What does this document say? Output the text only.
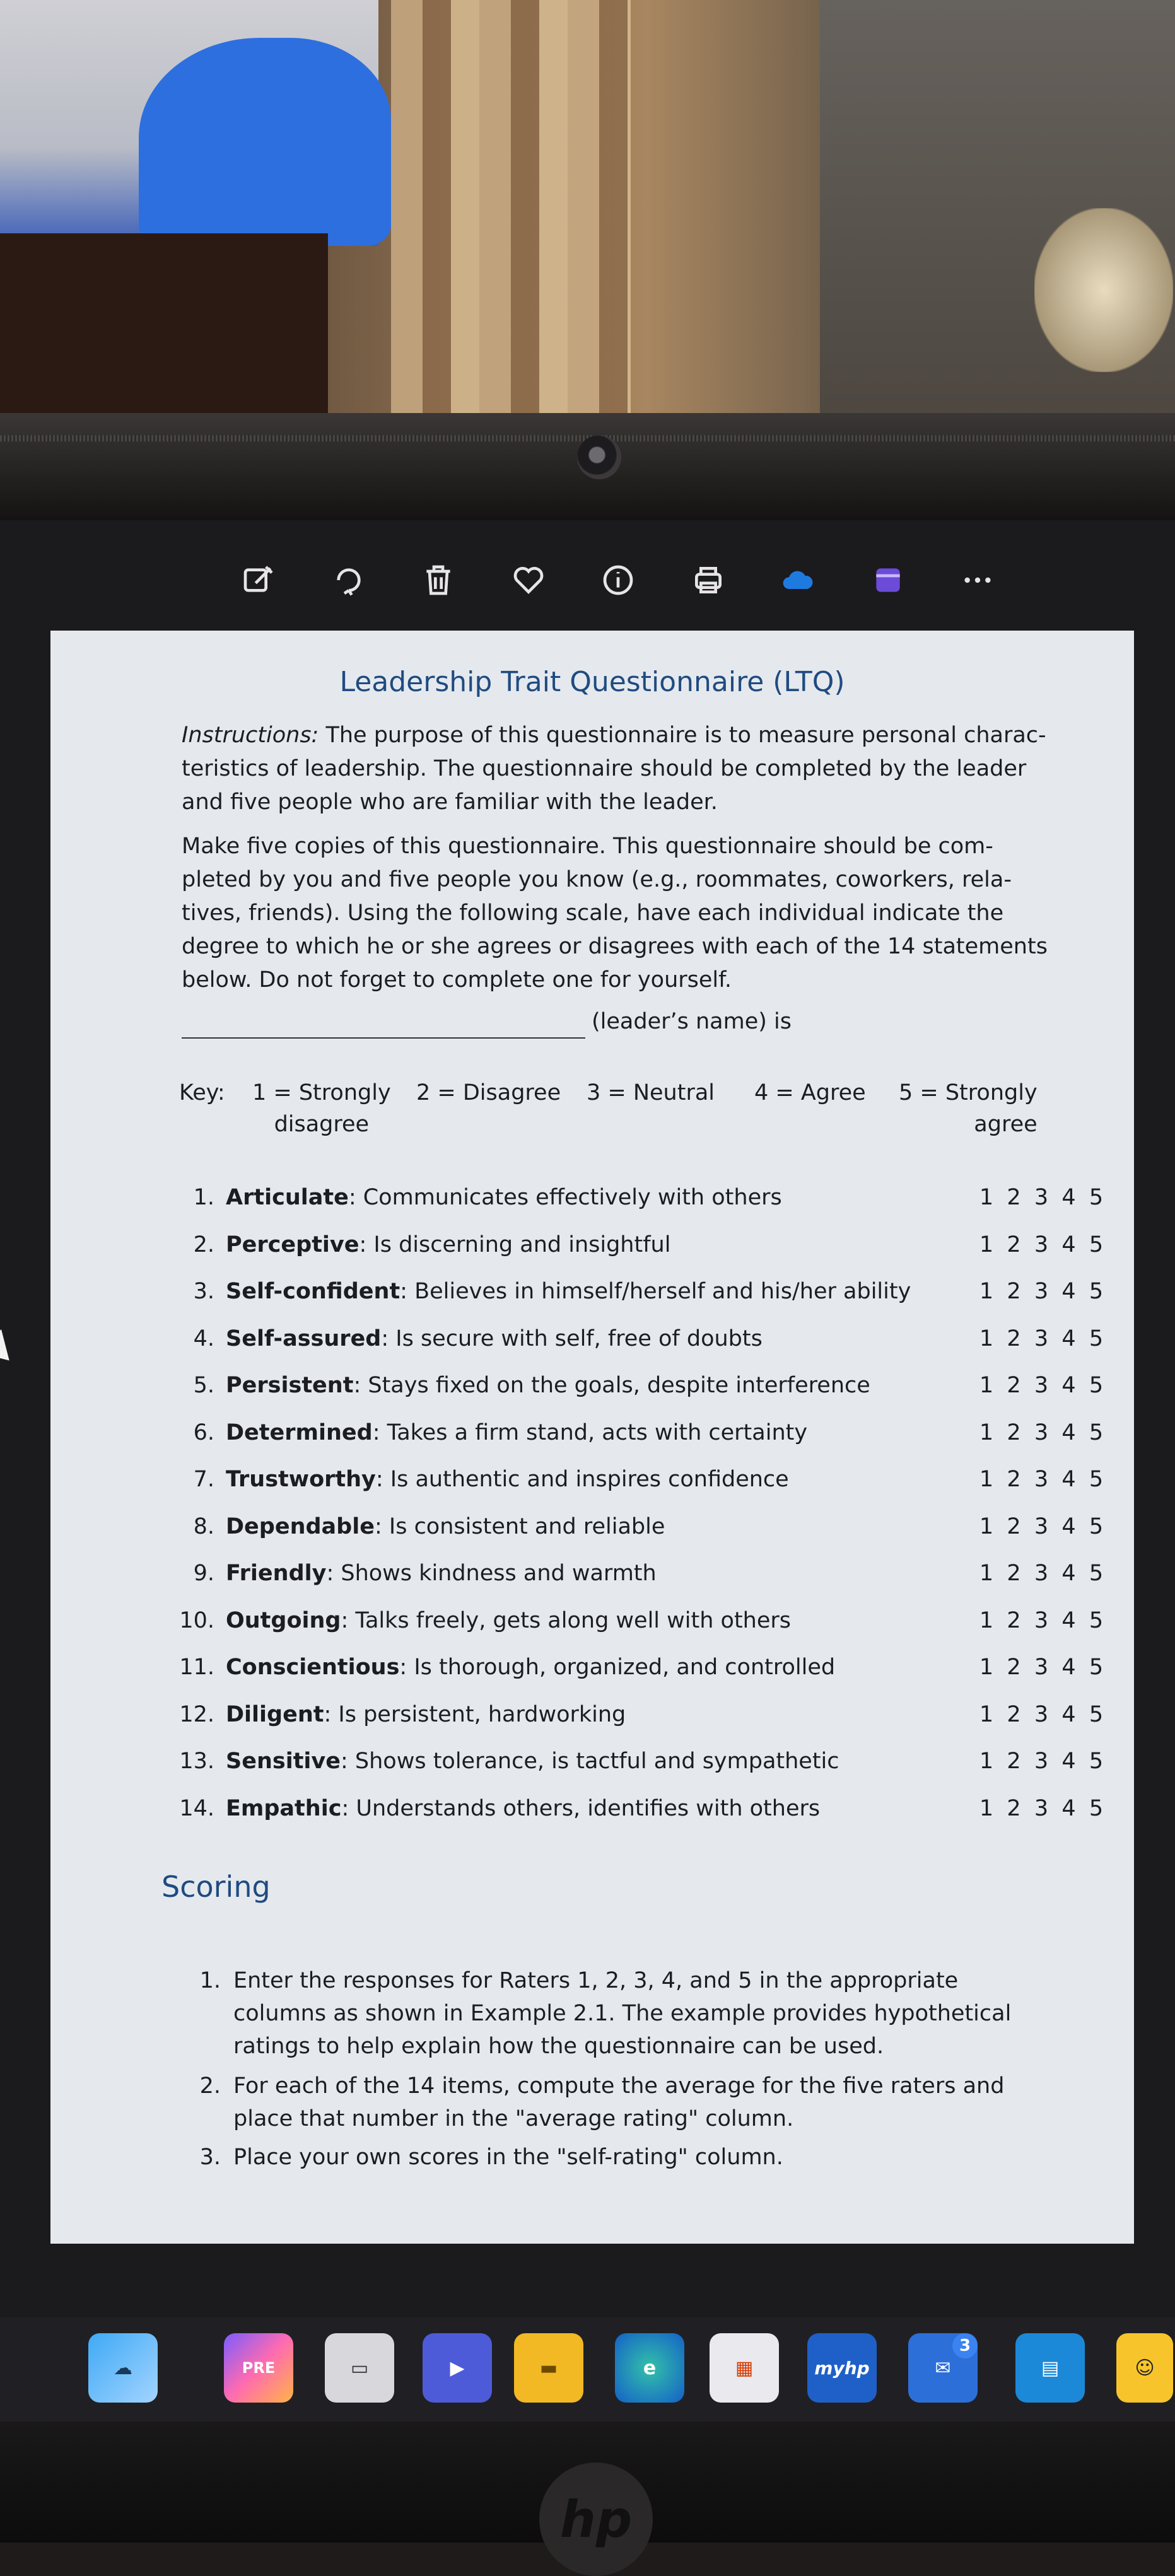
Leadership Trait Questionnaire (LTQ)
Instructions: The purpose of this questionnaire is to measure personal charac-
teristics of leadership. The questionnaire should be completed by the leader
and five people who are familiar with the leader.
Make five copies of this questionnaire. This questionnaire should be com-
pleted by you and five people you know (e.g., roommates, coworkers, rela-
tives, friends). Using the following scale, have each individual indicate the
degree to which he or she agrees or disagrees with each of the 14 statements
below. Do not forget to complete one for yourself.
(leader’s name) is
Key: 1 = Strongly
disagree
2 = Disagree 3 = Neutral 4 = Agree 5 = Strongly
agree
1. Articulate: Communicates effectively with others	1 2 3 4 5
2. Perceptive: Is discerning and insightful	1 2 3 4 5
3. Self-confident: Believes in himself/herself and his/her ability	1 2 3 4 5
4. Self-assured: Is secure with self, free of doubts	1 2 3 4 5
5. Persistent: Stays fixed on the goals, despite interference	1 2 3 4 5
6. Determined: Takes a firm stand, acts with certainty	1 2 3 4 5
7. Trustworthy: Is authentic and inspires confidence	1 2 3 4 5
8. Dependable: Is consistent and reliable	1 2 3 4 5
9. Friendly: Shows kindness and warmth	1 2 3 4 5
10. Outgoing: Talks freely, gets along well with others	1 2 3 4 5
11. Conscientious: Is thorough, organized, and controlled	1 2 3 4 5
12. Diligent: Is persistent, hardworking	1 2 3 4 5
13. Sensitive: Shows tolerance, is tactful and sympathetic	1 2 3 4 5
14. Empathic: Understands others, identifies with others	1 2 3 4 5
Scoring
1. Enter the responses for Raters 1, 2, 3, 4, and 5 in the appropriate
columns as shown in Example 2.1. The example provides hypothetical
ratings to help explain how the questionnaire can be used.
2. For each of the 14 items, compute the average for the five raters and
place that number in the "average rating" column.
3. Place your own scores in the "self-rating" column.
☁	PRE	▭	▶	▬	e	▦	myhp	✉
3
▤	☺
hp
